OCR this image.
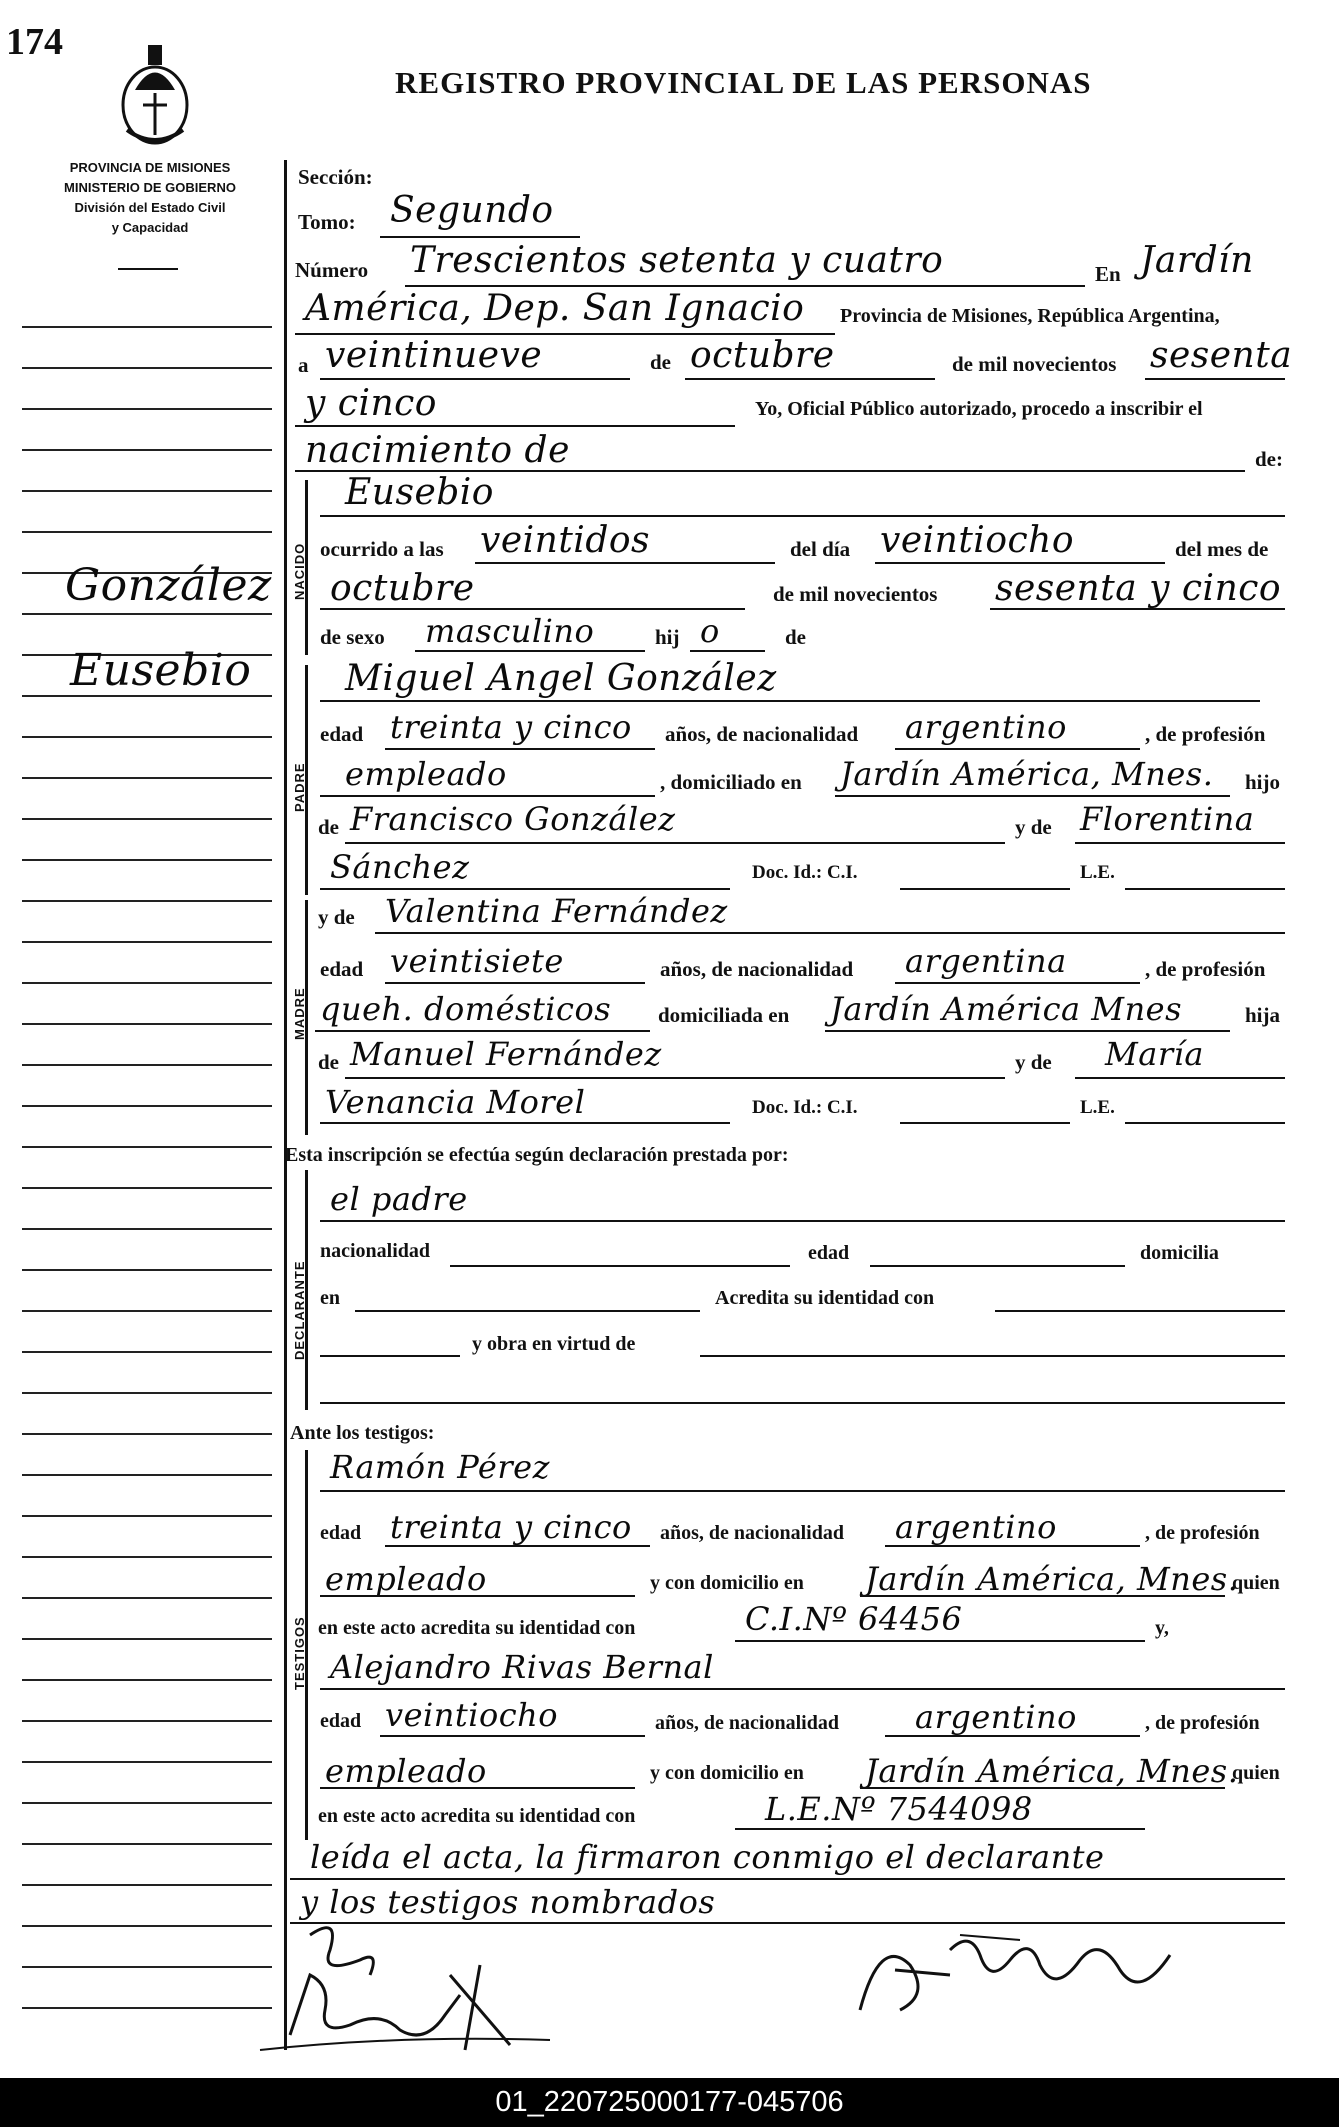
174
REGISTRO PROVINCIAL DE LAS PERSONAS
PROVINCIA DE MISIONES
MINISTERIO DE GOBIERNO
División del Estado Civil
y Capacidad
González
Eusebio
Sección:
Tomo: Segundo
Número Trescientos setenta y cuatro	En Jardín
América, Dep. San Ignacio Provincia de Misiones, República Argentina,
a veintinueve	de octubre	de mil novecientos sesenta
y cinco	Yo, Oficial Público autorizado, procedo a inscribir el
nacimiento de	de:
NACIDO
Eusebio
ocurrido a las veintidos	del día veintiocho	del mes de
octubre	de mil novecientos sesenta y cinco
de sexo masculino	hij o	de
PADRE
Miguel Angel González
edad treinta y cinco años, de nacionalidad argentino	, de profesión
empleado	, domiciliado en Jardín América, Mnes. hijo
de Francisco González	y de Florentina
Sánchez	Doc. Id.: C.I.	L.E.
MADRE
y de Valentina Fernández
edad veintisiete	años, de nacionalidad argentina	, de profesión
queh. domésticos domiciliada en Jardín América Mnes	hija
de Manuel Fernández	y de María
Venancia Morel	Doc. Id.: C.I.	L.E.
Esta inscripción se efectúa según declaración prestada por:
DECLARANTE
el padre
nacionalidad	edad	domicilia
en	Acredita su identidad con
y obra en virtud de
Ante los testigos:
TESTIGOS
Ramón Pérez
edad treinta y cinco años, de nacionalidad argentino	, de profesión
empleado	y con domicilio en Jardín América, Mnes.
quien
en este acto acredita su identidad con	C.I.Nº 64456	y,
Alejandro Rivas Bernal
edad veintiocho	años, de nacionalidad argentino	, de profesión
empleado	y con domicilio en Jardín América, Mnes.
quien
en este acto acredita su identidad con	L.E.Nº 7544098
leída el acta, la firmaron conmigo el declarante
y los testigos nombrados
01_220725000177-045706
